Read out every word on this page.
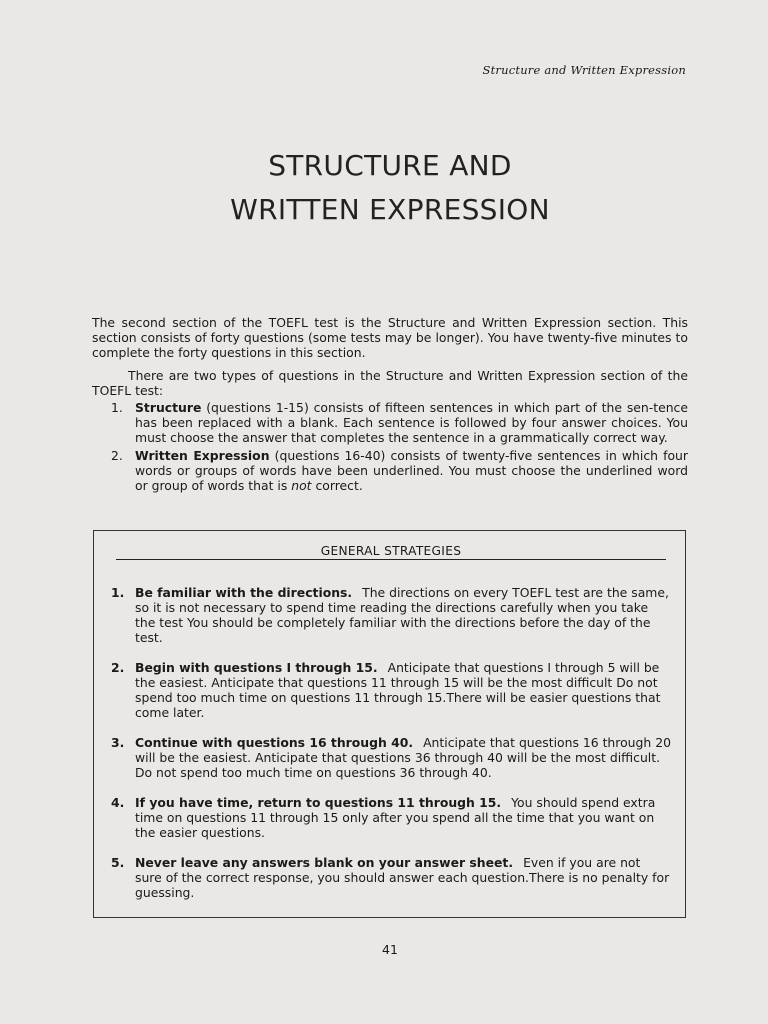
Structure and Written Expression
STRUCTURE AND
WRITTEN EXPRESSION

The second section of the TOEFL test is the Structure and Written Expression section. This section consists of forty questions (some tests may be longer). You have twenty-five minutes to complete the forty questions in this section.

There are two types of questions in the Structure and Written Expression section of the TOEFL test:

1. Structure (questions 1-15) consists of fifteen sentences in which part of the sen-tence has been replaced with a blank. Each sentence is followed by four answer choices. You must choose the answer that completes the sentence in a grammatically correct way.
2. Written Expression (questions 16-40) consists of twenty-five sentences in which four words or groups of words have been underlined. You must choose the underlined word or group of words that is not correct.
GENERAL STRATEGIES
1. Be familiar with the directions. The directions on every TOEFL test are the same, so it is not necessary to spend time reading the directions carefully when you take the test You should be completely familiar with the directions before the day of the test.
2. Begin with questions I through 15. Anticipate that questions I through 5 will be the easiest. Anticipate that questions 11 through 15 will be the most difficult Do not spend too much time on questions 11 through 15.There will be easier questions that come later.
3. Continue with questions 16 through 40. Anticipate that questions 16 through 20 will be the easiest. Anticipate that questions 36 through 40 will be the most difficult. Do not spend too much time on questions 36 through 40.
4. If you have time, return to questions 11 through 15. You should spend extra time on questions 11 through 15 only after you spend all the time that you want on the easier questions.
5. Never leave any answers blank on your answer sheet. Even if you are not sure of the correct response, you should answer each question.There is no penalty for guessing.
41
